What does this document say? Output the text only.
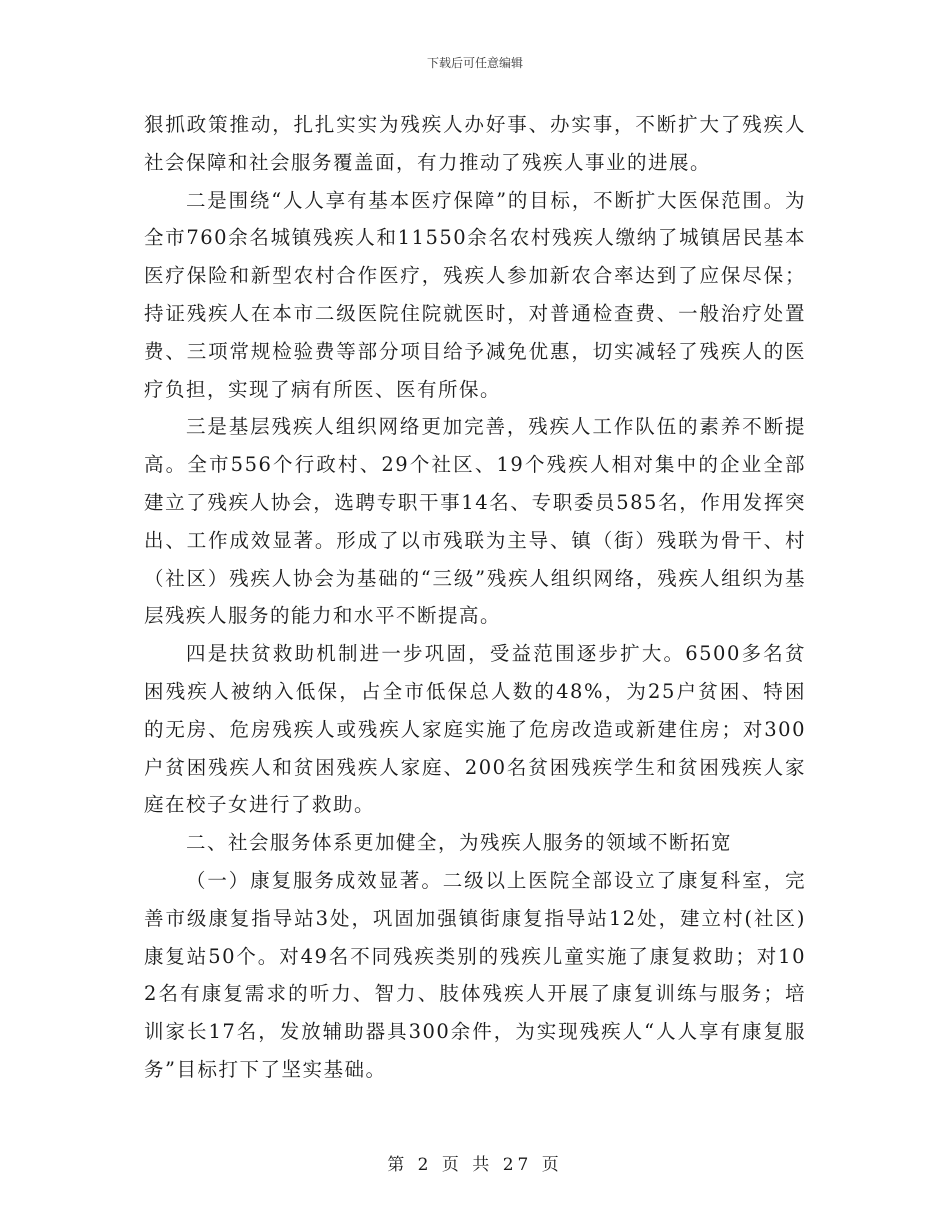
下载后可任意编辑

狠抓政策推动，扎扎实实为残疾人办好事、办实事，不断扩大了残疾人社会保障和社会服务覆盖面，有力推动了残疾人事业的进展。

二是围绕“人人享有基本医疗保障”的目标，不断扩大医保范围。为全市760余名城镇残疾人和11550余名农村残疾人缴纳了城镇居民基本医疗保险和新型农村合作医疗，残疾人参加新农合率达到了应保尽保；持证残疾人在本市二级医院住院就医时，对普通检查费、一般治疗处置费、三项常规检验费等部分项目给予减免优惠，切实减轻了残疾人的医疗负担，实现了病有所医、医有所保。

三是基层残疾人组织网络更加完善，残疾人工作队伍的素养不断提高。全市556个行政村、29个社区、19个残疾人相对集中的企业全部建立了残疾人协会，选聘专职干事14名、专职委员585名，作用发挥突出、工作成效显著。形成了以市残联为主导、镇（街）残联为骨干、村（社区）残疾人协会为基础的“三级”残疾人组织网络，残疾人组织为基层残疾人服务的能力和水平不断提高。

四是扶贫救助机制进一步巩固，受益范围逐步扩大。6500多名贫困残疾人被纳入低保，占全市低保总人数的48%，为25户贫困、特困的无房、危房残疾人或残疾人家庭实施了危房改造或新建住房；对300户贫困残疾人和贫困残疾人家庭、200名贫困残疾学生和贫困残疾人家庭在校子女进行了救助。

二、社会服务体系更加健全，为残疾人服务的领域不断拓宽

（一）康复服务成效显著。二级以上医院全部设立了康复科室，完善市级康复指导站3处，巩固加强镇街康复指导站12处，建立村(社区)康复站50个。对49名不同残疾类别的残疾儿童实施了康复救助；对102名有康复需求的听力、智力、肢体残疾人开展了康复训练与服务；培训家长17名，发放辅助器具300余件，为实现残疾人“人人享有康复服务”目标打下了坚实基础。

第 2 页 共 27 页
